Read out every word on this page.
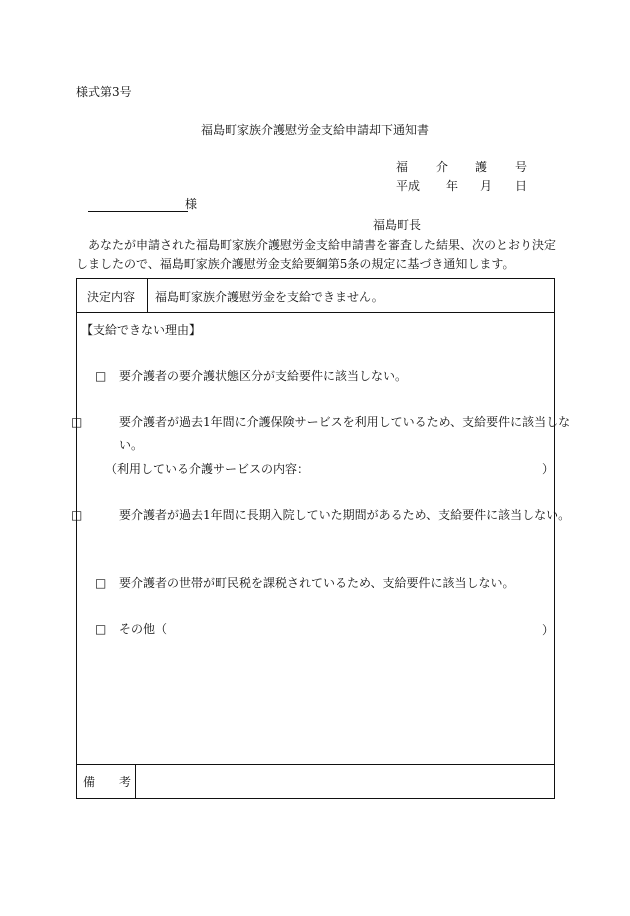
様式第3号
福島町家族介護慰労金支給申請却下通知書
福 介 護 号
平成 年 月 日
様
福島町長
あなたが申請された福島町家族介護慰労金支給申請書を審査した結果、次のとおり決定しましたので、福島町家族介護慰労金支給要綱第5条の規定に基づき通知します。
決定内容 福島町家族介護慰労金を支給できません。
【支給できない理由】
□ 要介護者の要介護状態区分が支給要件に該当しない。
□	要介護者が過去1年間に介護保険サービスを利用しているため、支給要件に該当しない。
（利用している介護サービスの内容：	）
□	要介護者が過去1年間に長期入院していた期間があるため、支給要件に該当しない。
□ 要介護者の世帯が町民税を課税されているため、支給要件に該当しない。
□ その他（	）
備　　考
